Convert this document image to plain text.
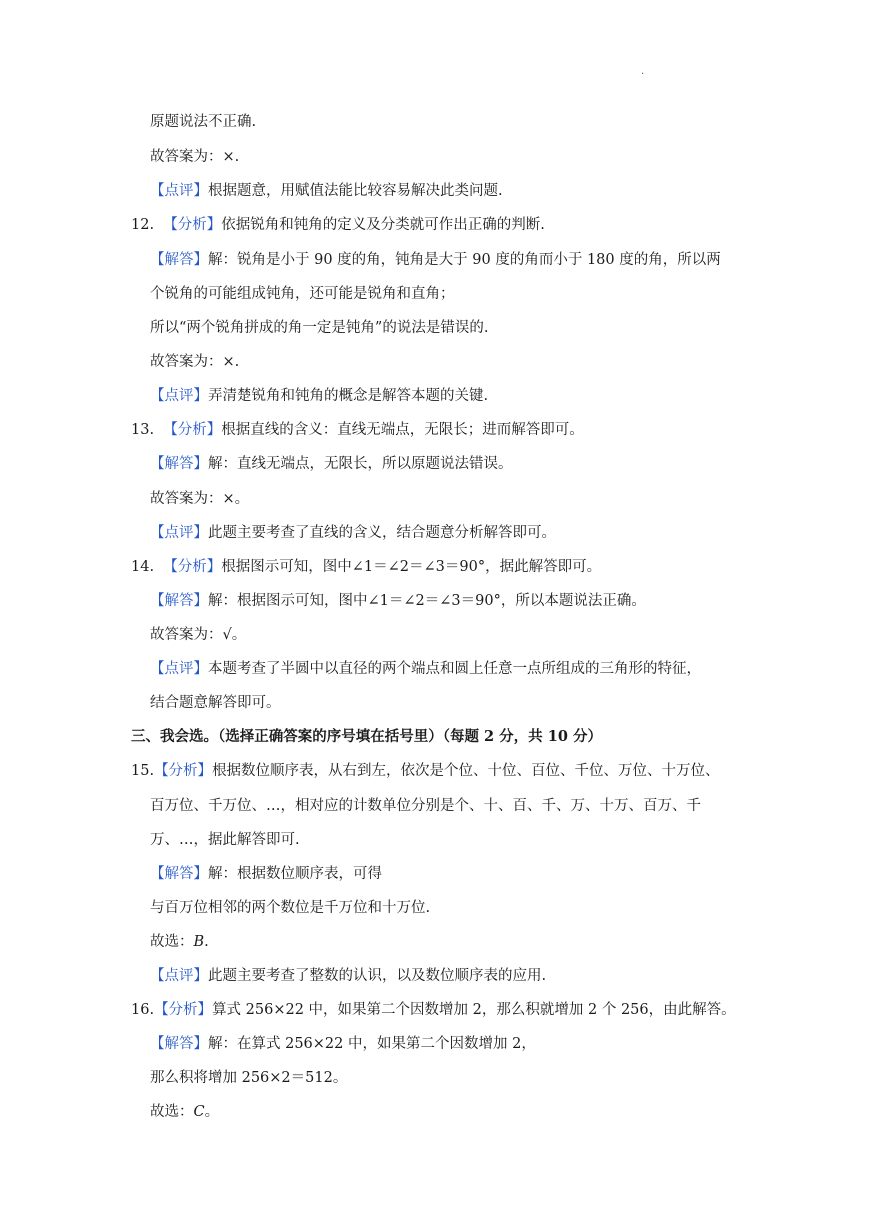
.
原题说法不正确.
故答案为：×.
【点评】根据题意，用赋值法能比较容易解决此类问题.
12. 【分析】依据锐角和钝角的定义及分类就可作出正确的判断.
【解答】解：锐角是小于 90 度的角，钝角是大于 90 度的角而小于 180 度的角，所以两
个锐角的可能组成钝角，还可能是锐角和直角；
所以“两个锐角拼成的角一定是钝角”的说法是错误的.
故答案为：×.
【点评】弄清楚锐角和钝角的概念是解答本题的关键.
13. 【分析】根据直线的含义：直线无端点，无限长；进而解答即可。
【解答】解：直线无端点，无限长，所以原题说法错误。
故答案为：×。
【点评】此题主要考查了直线的含义，结合题意分析解答即可。
14. 【分析】根据图示可知，图中∠1＝∠2＝∠3＝90°，据此解答即可。
【解答】解：根据图示可知，图中∠1＝∠2＝∠3＝90°，所以本题说法正确。
故答案为：√。
【点评】本题考查了半圆中以直径的两个端点和圆上任意一点所组成的三角形的特征，
结合题意解答即可。
三、我会选。（选择正确答案的序号填在括号里）（每题 2 分，共 10 分）
15.【分析】根据数位顺序表，从右到左，依次是个位、十位、百位、千位、万位、十万位、
百万位、千万位、…，相对应的计数单位分别是个、十、百、千、万、十万、百万、千
万、…，据此解答即可.
【解答】解：根据数位顺序表，可得
与百万位相邻的两个数位是千万位和十万位.
故选：B.
【点评】此题主要考查了整数的认识，以及数位顺序表的应用.
16.【分析】算式 256×22 中，如果第二个因数增加 2，那么积就增加 2 个 256，由此解答。
【解答】解：在算式 256×22 中，如果第二个因数增加 2，
那么积将增加 256×2＝512。
故选：C。
